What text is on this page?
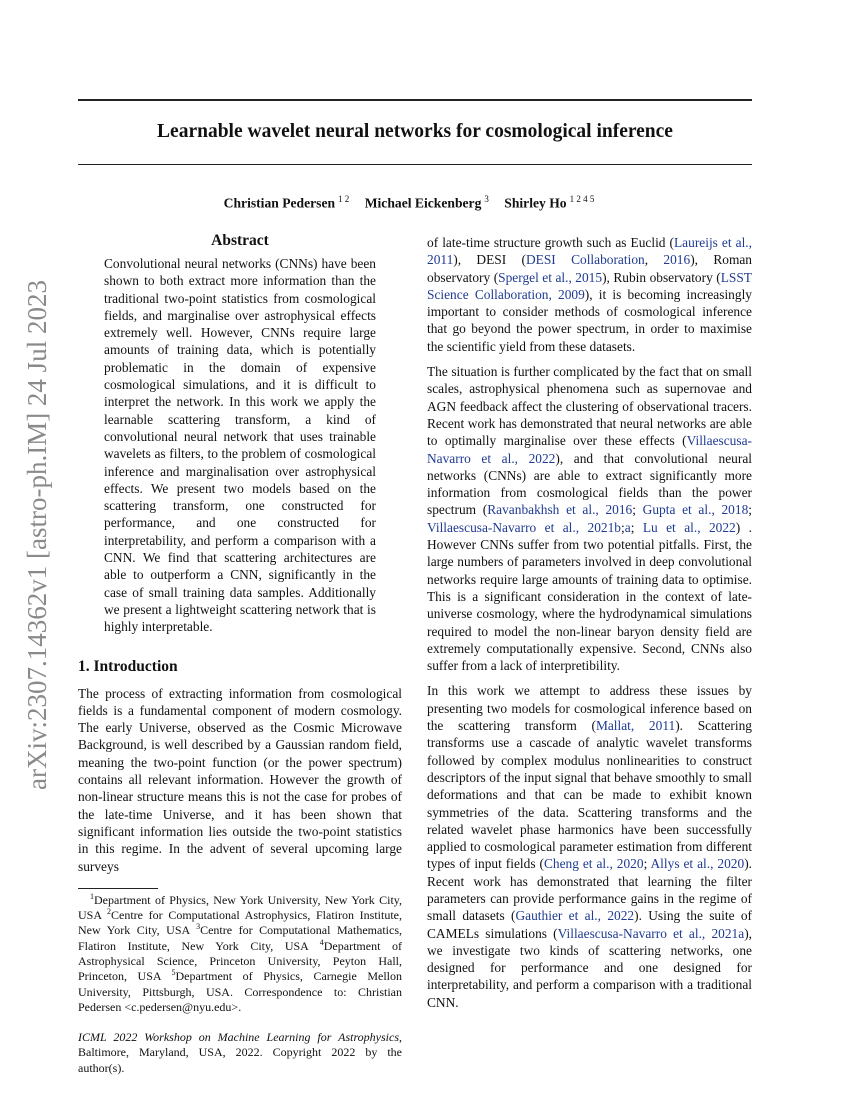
arXiv:2307.14362v1 [astro-ph.IM] 24 Jul 2023
Learnable wavelet neural networks for cosmological inference
Christian Pedersen $^{1 2}$ Michael Eickenberg $^3$ Shirley Ho $^{1 2 4 5}$
Abstract

Convolutional neural networks (CNNs) have been shown to both extract more information than the traditional two-point statistics from cosmological fields, and marginalise over astrophysical effects extremely well. However, CNNs require large amounts of training data, which is potentially problematic in the domain of expensive cosmological simulations, and it is difficult to interpret the network. In this work we apply the learnable scattering transform, a kind of convolutional neural network that uses trainable wavelets as filters, to the problem of cosmological inference and marginalisation over astrophysical effects. We present two models based on the scattering transform, one constructed for performance, and one constructed for interpretability, and perform a comparison with a CNN. We find that scattering architectures are able to outperform a CNN, significantly in the case of small training data samples. Additionally we present a lightweight scattering network that is highly interpretable.

1. Introduction

The process of extracting information from cosmological fields is a fundamental component of modern cosmology. The early Universe, observed as the Cosmic Microwave Background, is well described by a Gaussian random field, meaning the two-point function (or the power spectrum) contains all relevant information. However the growth of non-linear structure means this is not the case for probes of the late-time Universe, and it has been shown that significant information lies outside the two-point statistics in this regime. In the advent of several upcoming large surveys

$^1$Department of Physics, New York University, New York City, USA $^2$Centre for Computational Astrophysics, Flatiron Institute, New York City, USA $^3$Centre for Computational Mathematics, Flatiron Institute, New York City, USA $^4$Department of Astrophysical Science, Princeton University, Peyton Hall, Princeton, USA $^5$Department of Physics, Carnegie Mellon University, Pittsburgh, USA. Correspondence to: Christian Pedersen <c.pedersen@nyu.edu>.

ICML 2022 Workshop on Machine Learning for Astrophysics, Baltimore, Maryland, USA, 2022. Copyright 2022 by the author(s).

of late-time structure growth such as Euclid (Laureijs et al., 2011), DESI (DESI Collaboration, 2016), Roman observatory (Spergel et al., 2015), Rubin observatory (LSST Science Collaboration, 2009), it is becoming increasingly important to consider methods of cosmological inference that go beyond the power spectrum, in order to maximise the scientific yield from these datasets.

The situation is further complicated by the fact that on small scales, astrophysical phenomena such as supernovae and AGN feedback affect the clustering of observational tracers. Recent work has demonstrated that neural networks are able to optimally marginalise over these effects (Villaescusa-Navarro et al., 2022), and that convolutional neural networks (CNNs) are able to extract significantly more information from cosmological fields than the power spectrum (Ravanbakhsh et al., 2016; Gupta et al., 2018; Villaescusa-Navarro et al., 2021b;a; Lu et al., 2022) . However CNNs suffer from two potential pitfalls. First, the large numbers of parameters involved in deep convolutional networks require large amounts of training data to optimise. This is a significant consideration in the context of late-universe cosmology, where the hydrodynamical simulations required to model the non-linear baryon density field are extremely computationally expensive. Second, CNNs also suffer from a lack of interpretibility.

In this work we attempt to address these issues by presenting two models for cosmological inference based on the scattering transform (Mallat, 2011). Scattering transforms use a cascade of analytic wavelet transforms followed by complex modulus nonlinearities to construct descriptors of the input signal that behave smoothly to small deformations and that can be made to exhibit known symmetries of the data. Scattering transforms and the related wavelet phase harmonics have been successfully applied to cosmological parameter estimation from different types of input fields (Cheng et al., 2020; Allys et al., 2020). Recent work has demonstrated that learning the filter parameters can provide performance gains in the regime of small datasets (Gauthier et al., 2022). Using the suite of CAMELs simulations (Villaescusa-Navarro et al., 2021a), we investigate two kinds of scattering networks, one designed for performance and one designed for interpretability, and perform a comparison with a traditional CNN.
